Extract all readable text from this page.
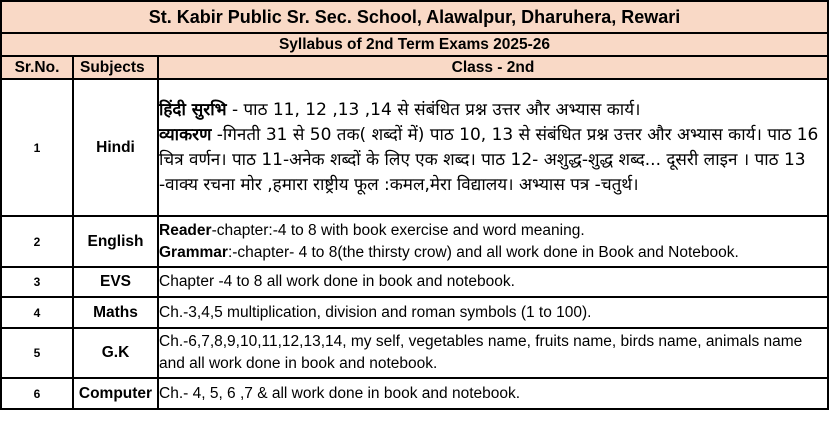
St. Kabir Public Sr. Sec. School, Alawalpur, Dharuhera, Rewari		
Syllabus of 2nd Term Exams 2025-26		
Sr.No.	Subjects	Class - 2nd
1	Hindi	हिंदी सुरभि - पाठ 11, 12 ,13 ,14 से संबंधित प्रश्न उत्तर और अभ्यास कार्य।
व्याकरण -गिनती 31 से 50 तक( शब्दों में) पाठ 10, 13 से संबंधित प्रश्न उत्तर और अभ्यास कार्य। पाठ 16 चित्र वर्णन। पाठ 11-अनेक शब्दों के लिए एक शब्द। पाठ 12- अशुद्ध-शुद्ध शब्द... दूसरी लाइन । पाठ 13 -वाक्य रचना मोर ,हमारा राष्ट्रीय फूल :कमल,मेरा विद्यालय। अभ्यास पत्र -चतुर्थ।
2	English	Reader-chapter:-4 to 8 with book exercise and word meaning.
Grammar:-chapter- 4 to 8(the thirsty crow) and all work done in Book and Notebook.
3	EVS	Chapter -4 to 8 all work done in book and notebook.
4	Maths	Ch.-3,4,5 multiplication, division and roman symbols (1 to 100).
5	G.K	Ch.-6,7,8,9,10,11,12,13,14, my self, vegetables name, fruits name, birds name, animals name and all work done in book and notebook.
6	Computer	Ch.- 4, 5, 6 ,7 & all work done in book and notebook.
